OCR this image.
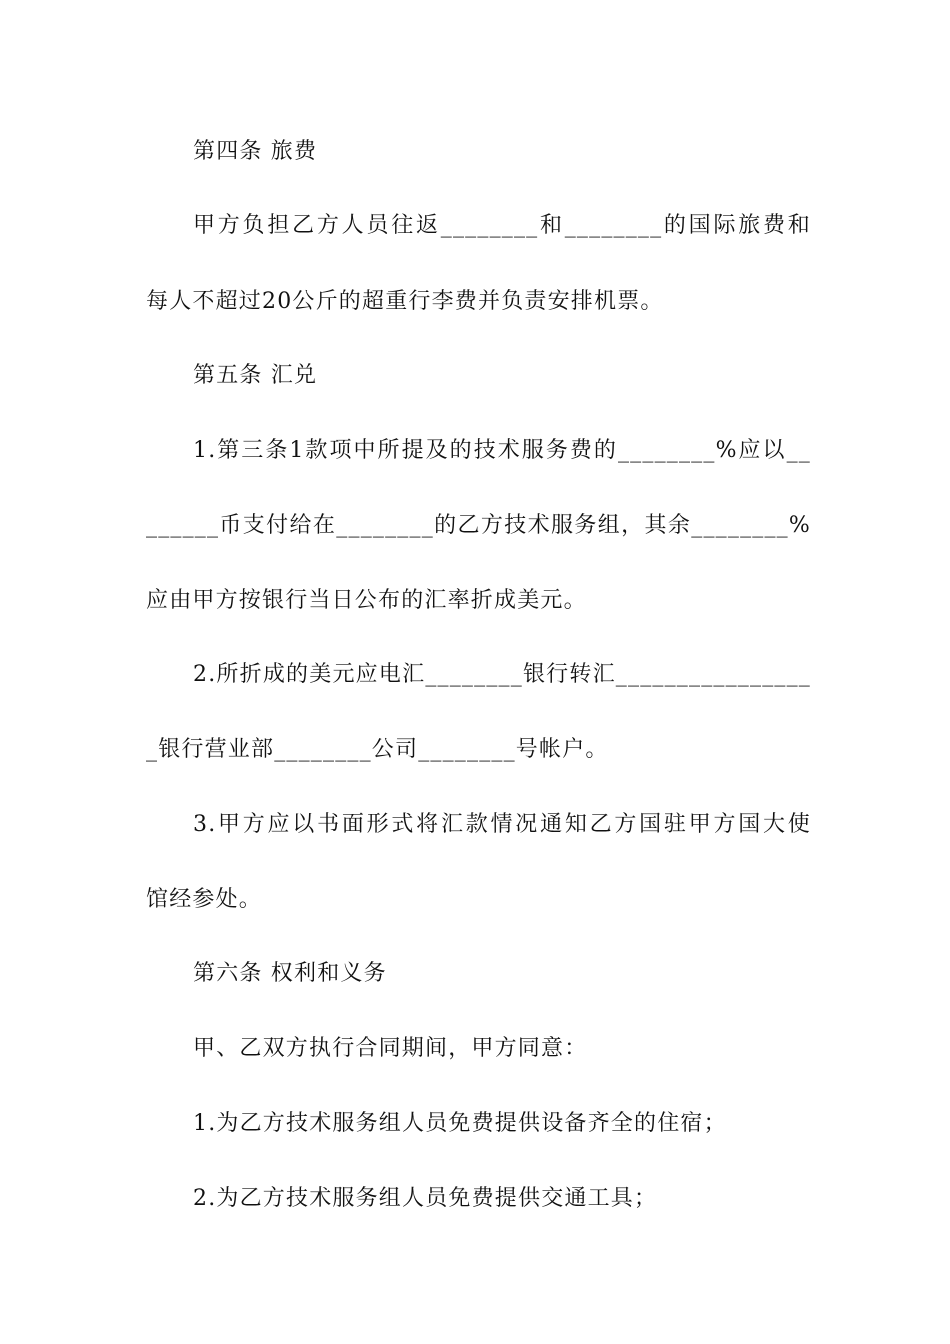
第四条 旅费
甲方负担乙方人员往返________和________的国际旅费和
每人不超过20公斤的超重行李费并负责安排机票。
第五条 汇兑
1.第三条1款项中所提及的技术服务费的________%应以__
______币支付给在________的乙方技术服务组，其余________%
应由甲方按银行当日公布的汇率折成美元。
2.所折成的美元应电汇________银行转汇________________
_银行营业部________公司________号帐户。
3.甲方应以书面形式将汇款情况通知乙方国驻甲方国大使
馆经参处。
第六条 权利和义务
甲、乙双方执行合同期间，甲方同意：
1.为乙方技术服务组人员免费提供设备齐全的住宿；
2.为乙方技术服务组人员免费提供交通工具；
